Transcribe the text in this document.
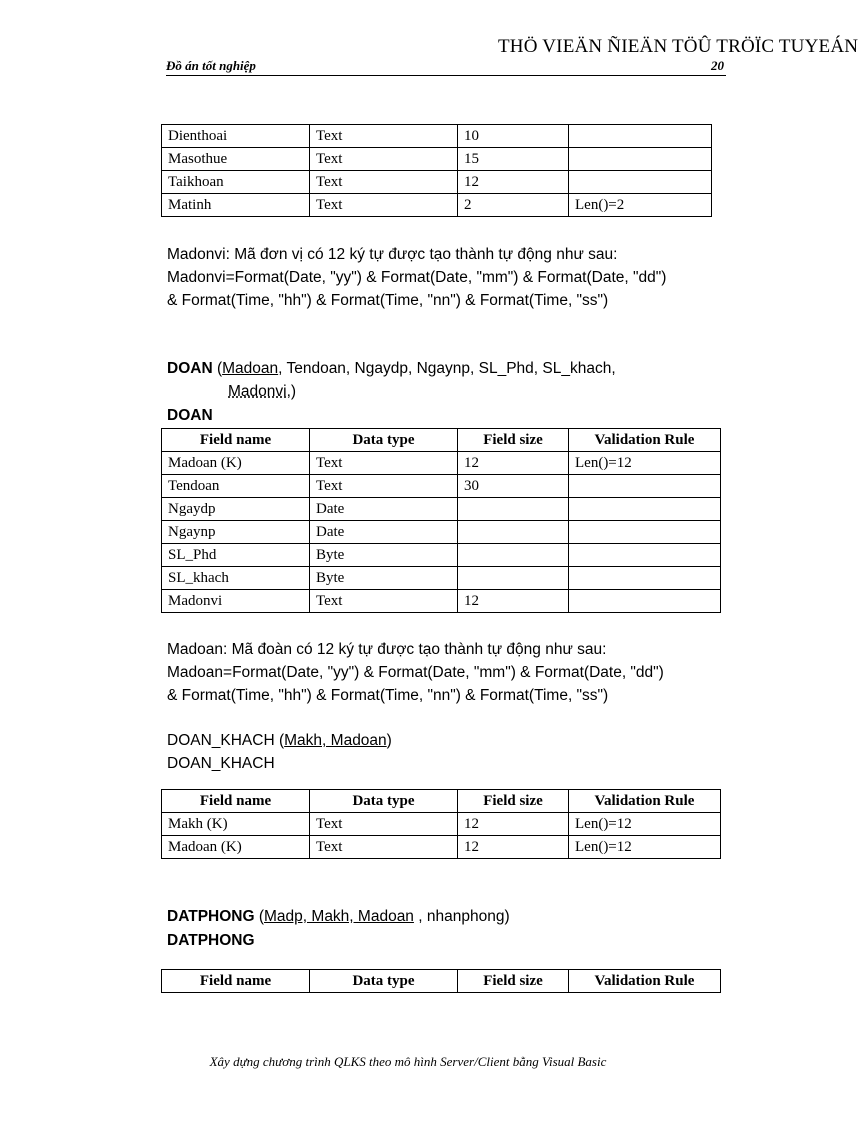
THÖ VIEÄN ÑIEÄN TÖÛ TRÖÏC TUYEÁN
Đồ án tốt nghiệp	20
Dienthoai	Text	10	
Masothue	Text	15	
Taikhoan	Text	12	
Matinh	Text	2	Len()=2
Madonvi: Mã đơn vị có 12 ký tự được tạo thành tự động như sau:
Madonvi=Format(Date, "yy") & Format(Date, "mm") & Format(Date, "dd")
& Format(Time, "hh") & Format(Time, "nn") & Format(Time, "ss")
DOAN (Madoan, Tendoan, Ngaydp, Ngaynp, SL_Phd, SL_khach,
Madonvi,)
DOAN
Field name	Data type	Field size	Validation Rule
Madoan (K)	Text	12	Len()=12
Tendoan	Text	30	
Ngaydp	Date		
Ngaynp	Date		
SL_Phd	Byte		
SL_khach	Byte		
Madonvi	Text	12	
Madoan: Mã đoàn có 12 ký tự được tạo thành tự động như sau:
Madoan=Format(Date, "yy") & Format(Date, "mm") & Format(Date, "dd")
& Format(Time, "hh") & Format(Time, "nn") & Format(Time, "ss")
DOAN_KHACH (Makh, Madoan)
DOAN_KHACH
Field name	Data type	Field size	Validation Rule
Makh (K)	Text	12	Len()=12
Madoan (K)	Text	12	Len()=12
DATPHONG (Madp, Makh, Madoan , nhanphong)
DATPHONG
Field name	Data type	Field size	Validation Rule
Xây dựng chương trình QLKS theo mô hình Server/Client bằng Visual Basic
